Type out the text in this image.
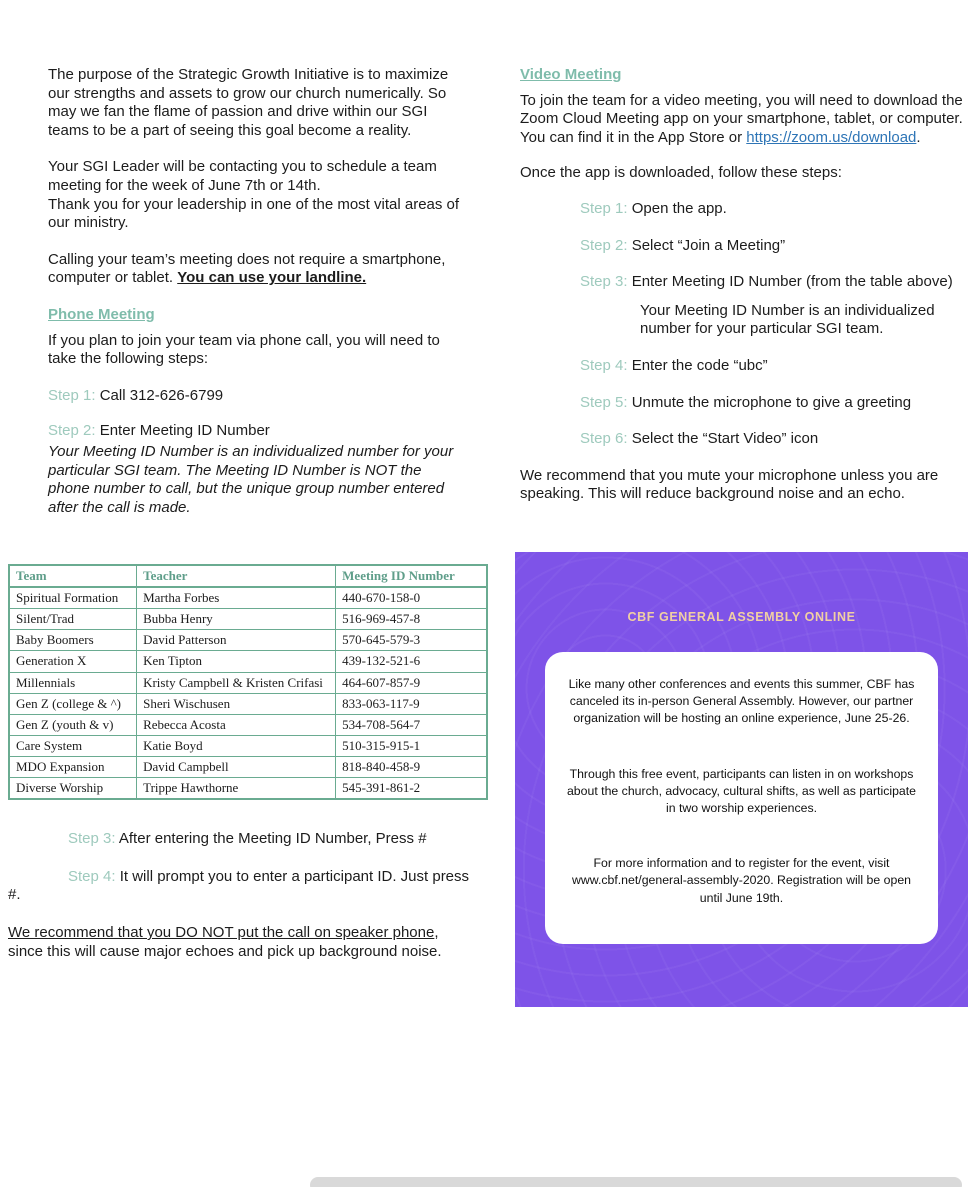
The purpose of the Strategic Growth Initiative is to maximize our strengths and assets to grow our church numerically. So may we fan the flame of passion and drive within our SGI teams to be a part of seeing this goal become a reality.

Your SGI Leader will be contacting you to schedule a team meeting for the week of June 7th or 14th.
Thank you for your leadership in one of the most vital areas of our ministry.

Calling your team’s meeting does not require a smartphone, computer or tablet. You can use your landline.

Phone Meeting

If you plan to join your team via phone call, you will need to take the following steps:

Step 1: Call 312-626-6799

Step 2: Enter Meeting ID Number

Your Meeting ID Number is an individualized number for your particular SGI team. The Meeting ID Number is NOT the phone number to call, but the unique group number entered after the call is made.

Team	Teacher	Meeting ID Number
Spiritual Formation	Martha Forbes	440-670-158-0
Silent/Trad	Bubba Henry	516-969-457-8
Baby Boomers	David Patterson	570-645-579-3
Generation X	Ken Tipton	439-132-521-6
Millennials	Kristy Campbell & Kristen Crifasi	464-607-857-9
Gen Z (college & ^)	Sheri Wischusen	833-063-117-9
Gen Z (youth & v)	Rebecca Acosta	534-708-564-7
Care System	Katie Boyd	510-315-915-1
MDO Expansion	David Campbell	818-840-458-9
Diverse Worship	Trippe Hawthorne	545-391-861-2

Step 3: After entering the Meeting ID Number, Press #

Step 4: It will prompt you to enter a participant ID. Just press #.

We recommend that you DO NOT put the call on speaker phone, since this will cause major echoes and pick up background noise.

Video Meeting

To join the team for a video meeting, you will need to download the Zoom Cloud Meeting app on your smartphone, tablet, or computer. You can find it in the App Store or https://zoom.us/download.

Once the app is downloaded, follow these steps:

Step 1: Open the app.

Step 2: Select “Join a Meeting”

Step 3: Enter Meeting ID Number (from the table above)

Your Meeting ID Number is an individualized number for your particular SGI team.

Step 4: Enter the code “ubc”

Step 5: Unmute the microphone to give a greeting

Step 6: Select the “Start Video” icon

We recommend that you mute your microphone unless you are speaking. This will reduce background noise and an echo.

CBF GENERAL ASSEMBLY ONLINE

Like many other conferences and events this summer, CBF has canceled its in-person General Assembly. However, our partner organization will be hosting an online experience, June 25-26.

Through this free event, participants can listen in on workshops about the church, advocacy, cultural shifts, as well as participate in two worship experiences.

For more information and to register for the event, visit www.cbf.net/general-assembly-2020. Registration will be open until June 19th.
